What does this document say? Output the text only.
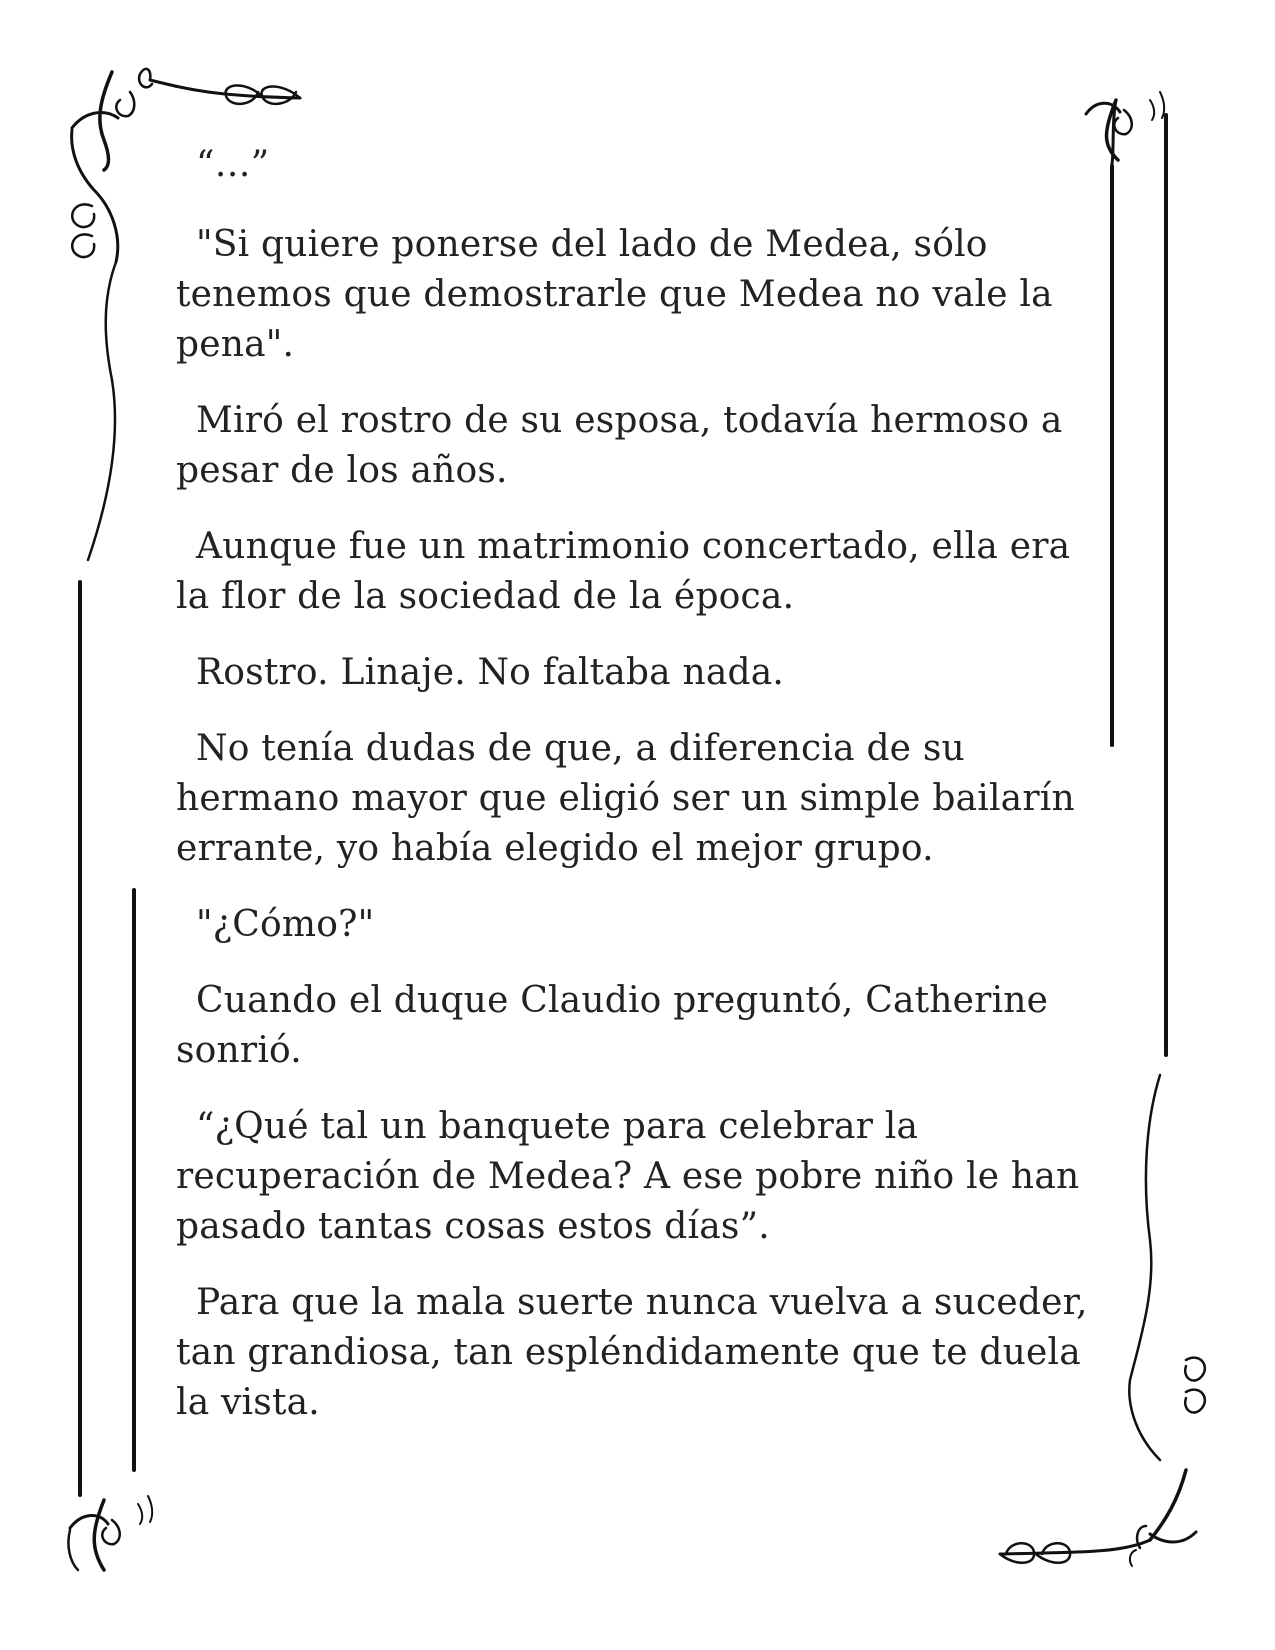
“…”

"Si quiere ponerse del lado de Medea, sólo tenemos que demostrarle que Medea no vale la pena".

Miró el rostro de su esposa, todavía hermoso a pesar de los años.

Aunque fue un matrimonio concertado, ella era la flor de la sociedad de la época.

Rostro. Linaje. No faltaba nada.

No tenía dudas de que, a diferencia de su hermano mayor que eligió ser un simple bailarín errante, yo había elegido el mejor grupo.

"¿Cómo?"

Cuando el duque Claudio preguntó, Catherine sonrió.

“¿Qué tal un banquete para celebrar la recuperación de Medea? A ese pobre niño le han pasado tantas cosas estos días”.

Para que la mala suerte nunca vuelva a suceder, tan grandiosa, tan espléndidamente que te duela la vista.
